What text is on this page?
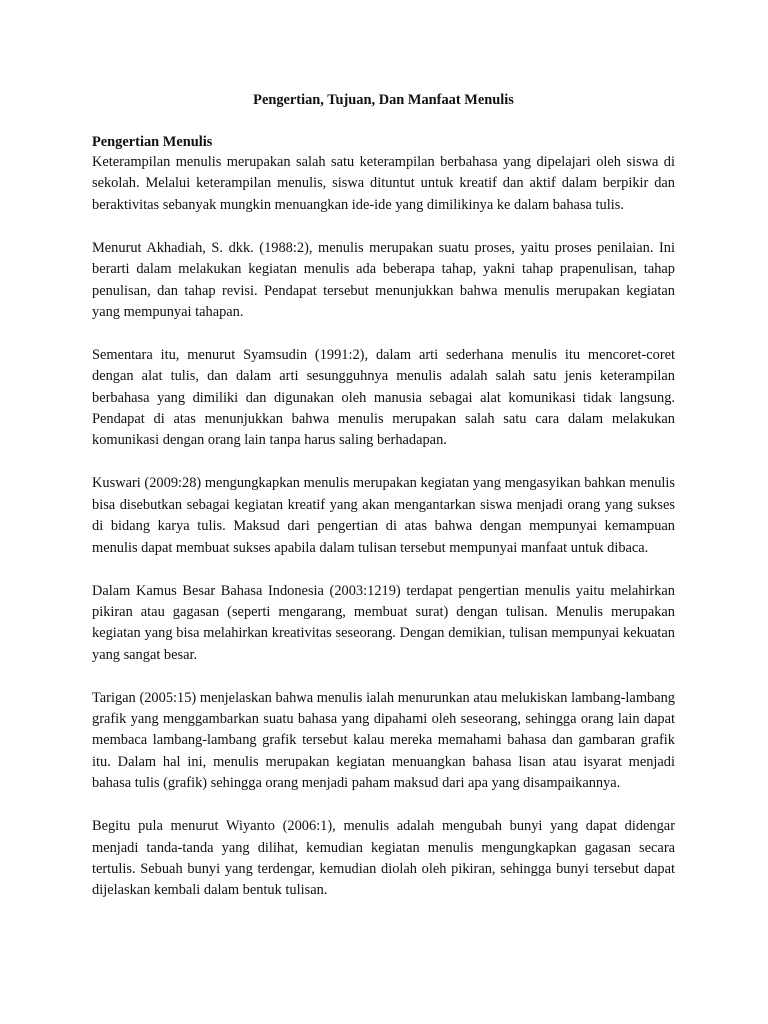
Pengertian, Tujuan, Dan Manfaat Menulis
Pengertian Menulis

Keterampilan menulis merupakan salah satu keterampilan berbahasa yang dipelajari oleh siswa di sekolah. Melalui keterampilan menulis, siswa dituntut untuk kreatif dan aktif dalam berpikir dan beraktivitas sebanyak mungkin menuangkan ide-ide yang dimilikinya ke dalam bahasa tulis.

Menurut Akhadiah, S. dkk. (1988:2), menulis merupakan suatu proses, yaitu proses penilaian. Ini berarti dalam melakukan kegiatan menulis ada beberapa tahap, yakni tahap prapenulisan, tahap penulisan, dan tahap revisi. Pendapat tersebut menunjukkan bahwa menulis merupakan kegiatan yang mempunyai tahapan.

Sementara itu, menurut Syamsudin (1991:2), dalam arti sederhana menulis itu mencoret-coret dengan alat tulis, dan dalam arti sesungguhnya menulis adalah salah satu jenis keterampilan berbahasa yang dimiliki dan digunakan oleh manusia sebagai alat komunikasi tidak langsung. Pendapat di atas menunjukkan bahwa menulis merupakan salah satu cara dalam melakukan komunikasi dengan orang lain tanpa harus saling berhadapan.

Kuswari (2009:28) mengungkapkan menulis merupakan kegiatan yang mengasyikan bahkan menulis bisa disebutkan sebagai kegiatan kreatif yang akan mengantarkan siswa menjadi orang yang sukses di bidang karya tulis. Maksud dari pengertian di atas bahwa dengan mempunyai kemampuan menulis dapat membuat sukses apabila dalam tulisan tersebut mempunyai manfaat untuk dibaca.

Dalam Kamus Besar Bahasa Indonesia (2003:1219) terdapat pengertian menulis yaitu melahirkan pikiran atau gagasan (seperti mengarang, membuat surat) dengan tulisan. Menulis merupakan kegiatan yang bisa melahirkan kreativitas seseorang. Dengan demikian, tulisan mempunyai kekuatan yang sangat besar.

Tarigan (2005:15) menjelaskan bahwa menulis ialah menurunkan atau melukiskan lambang-lambang grafik yang menggambarkan suatu bahasa yang dipahami oleh seseorang, sehingga orang lain dapat membaca lambang-lambang grafik tersebut kalau mereka memahami bahasa dan gambaran grafik itu. Dalam hal ini, menulis merupakan kegiatan menuangkan bahasa lisan atau isyarat menjadi bahasa tulis (grafik) sehingga orang menjadi paham maksud dari apa yang disampaikannya.

Begitu pula menurut Wiyanto (2006:1), menulis adalah mengubah bunyi yang dapat didengar menjadi tanda-tanda yang dilihat, kemudian kegiatan menulis mengungkapkan gagasan secara tertulis. Sebuah bunyi yang terdengar, kemudian diolah oleh pikiran, sehingga bunyi tersebut dapat dijelaskan kembali dalam bentuk tulisan.
